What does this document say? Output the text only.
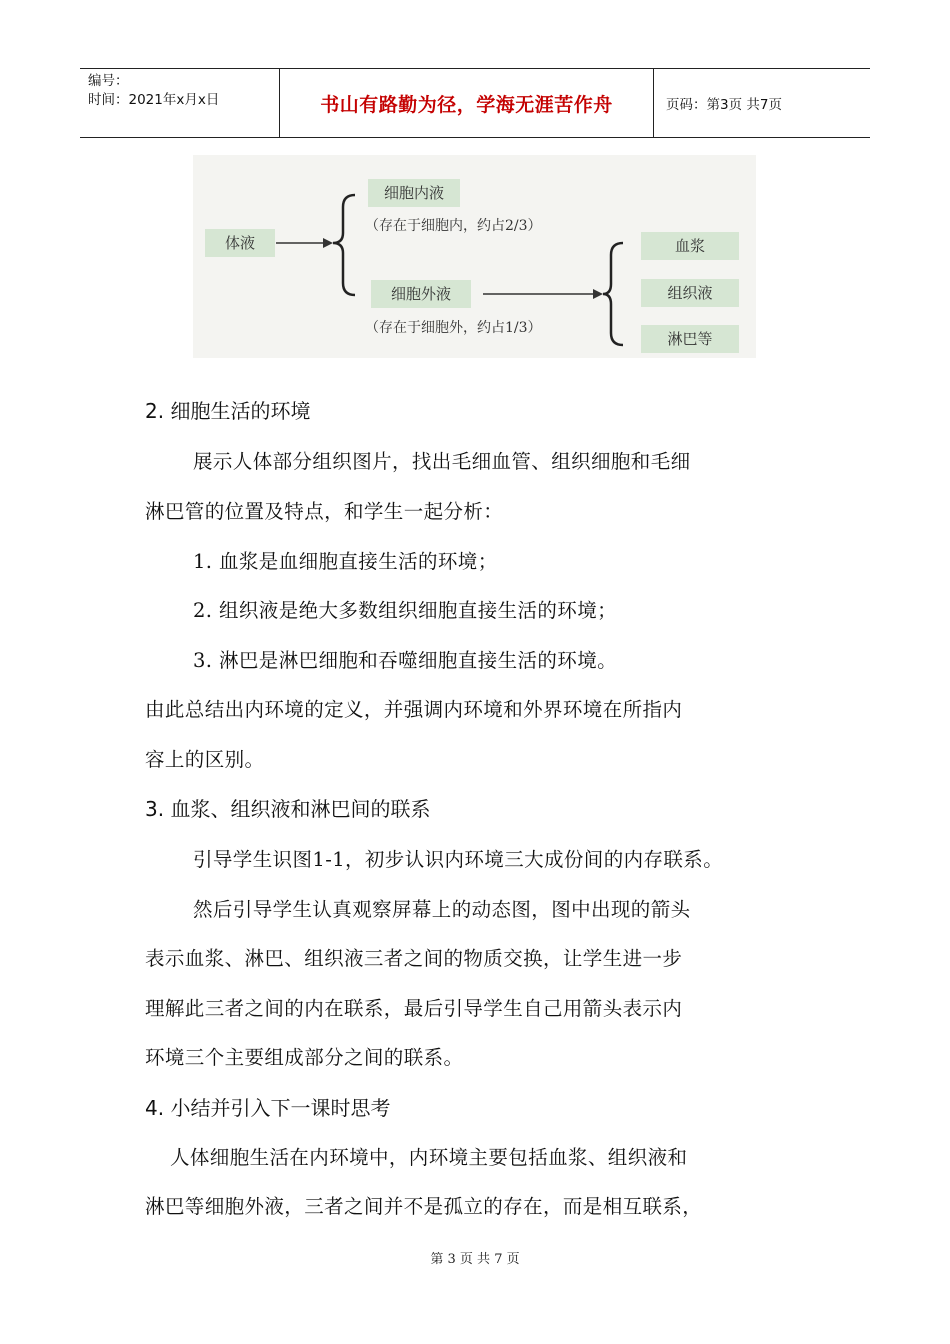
编号：
时间：2021年x月x日	书山有路勤为径，学海无涯苦作舟	页码：第3页 共7页
体液
细胞内液
（存在于细胞内，约占2/3）
细胞外液
（存在于细胞外，约占1/3）
血浆
组织液
淋巴等
2. 细胞生活的环境
展示人体部分组织图片，找出毛细血管、组织细胞和毛细
淋巴管的位置及特点，和学生一起分析：
1. 血浆是血细胞直接生活的环境；
2. 组织液是绝大多数组织细胞直接生活的环境；
3. 淋巴是淋巴细胞和吞噬细胞直接生活的环境。
由此总结出内环境的定义，并强调内环境和外界环境在所指内
容上的区别。
3. 血浆、组织液和淋巴间的联系
引导学生识图1-1，初步认识内环境三大成份间的内存联系。
然后引导学生认真观察屏幕上的动态图，图中出现的箭头
表示血浆、淋巴、组织液三者之间的物质交换，让学生进一步
理解此三者之间的内在联系，最后引导学生自己用箭头表示内
环境三个主要组成部分之间的联系。
4. 小结并引入下一课时思考
人体细胞生活在内环境中，内环境主要包括血浆、组织液和
淋巴等细胞外液，三者之间并不是孤立的存在，而是相互联系，
第 3 页 共 7 页
